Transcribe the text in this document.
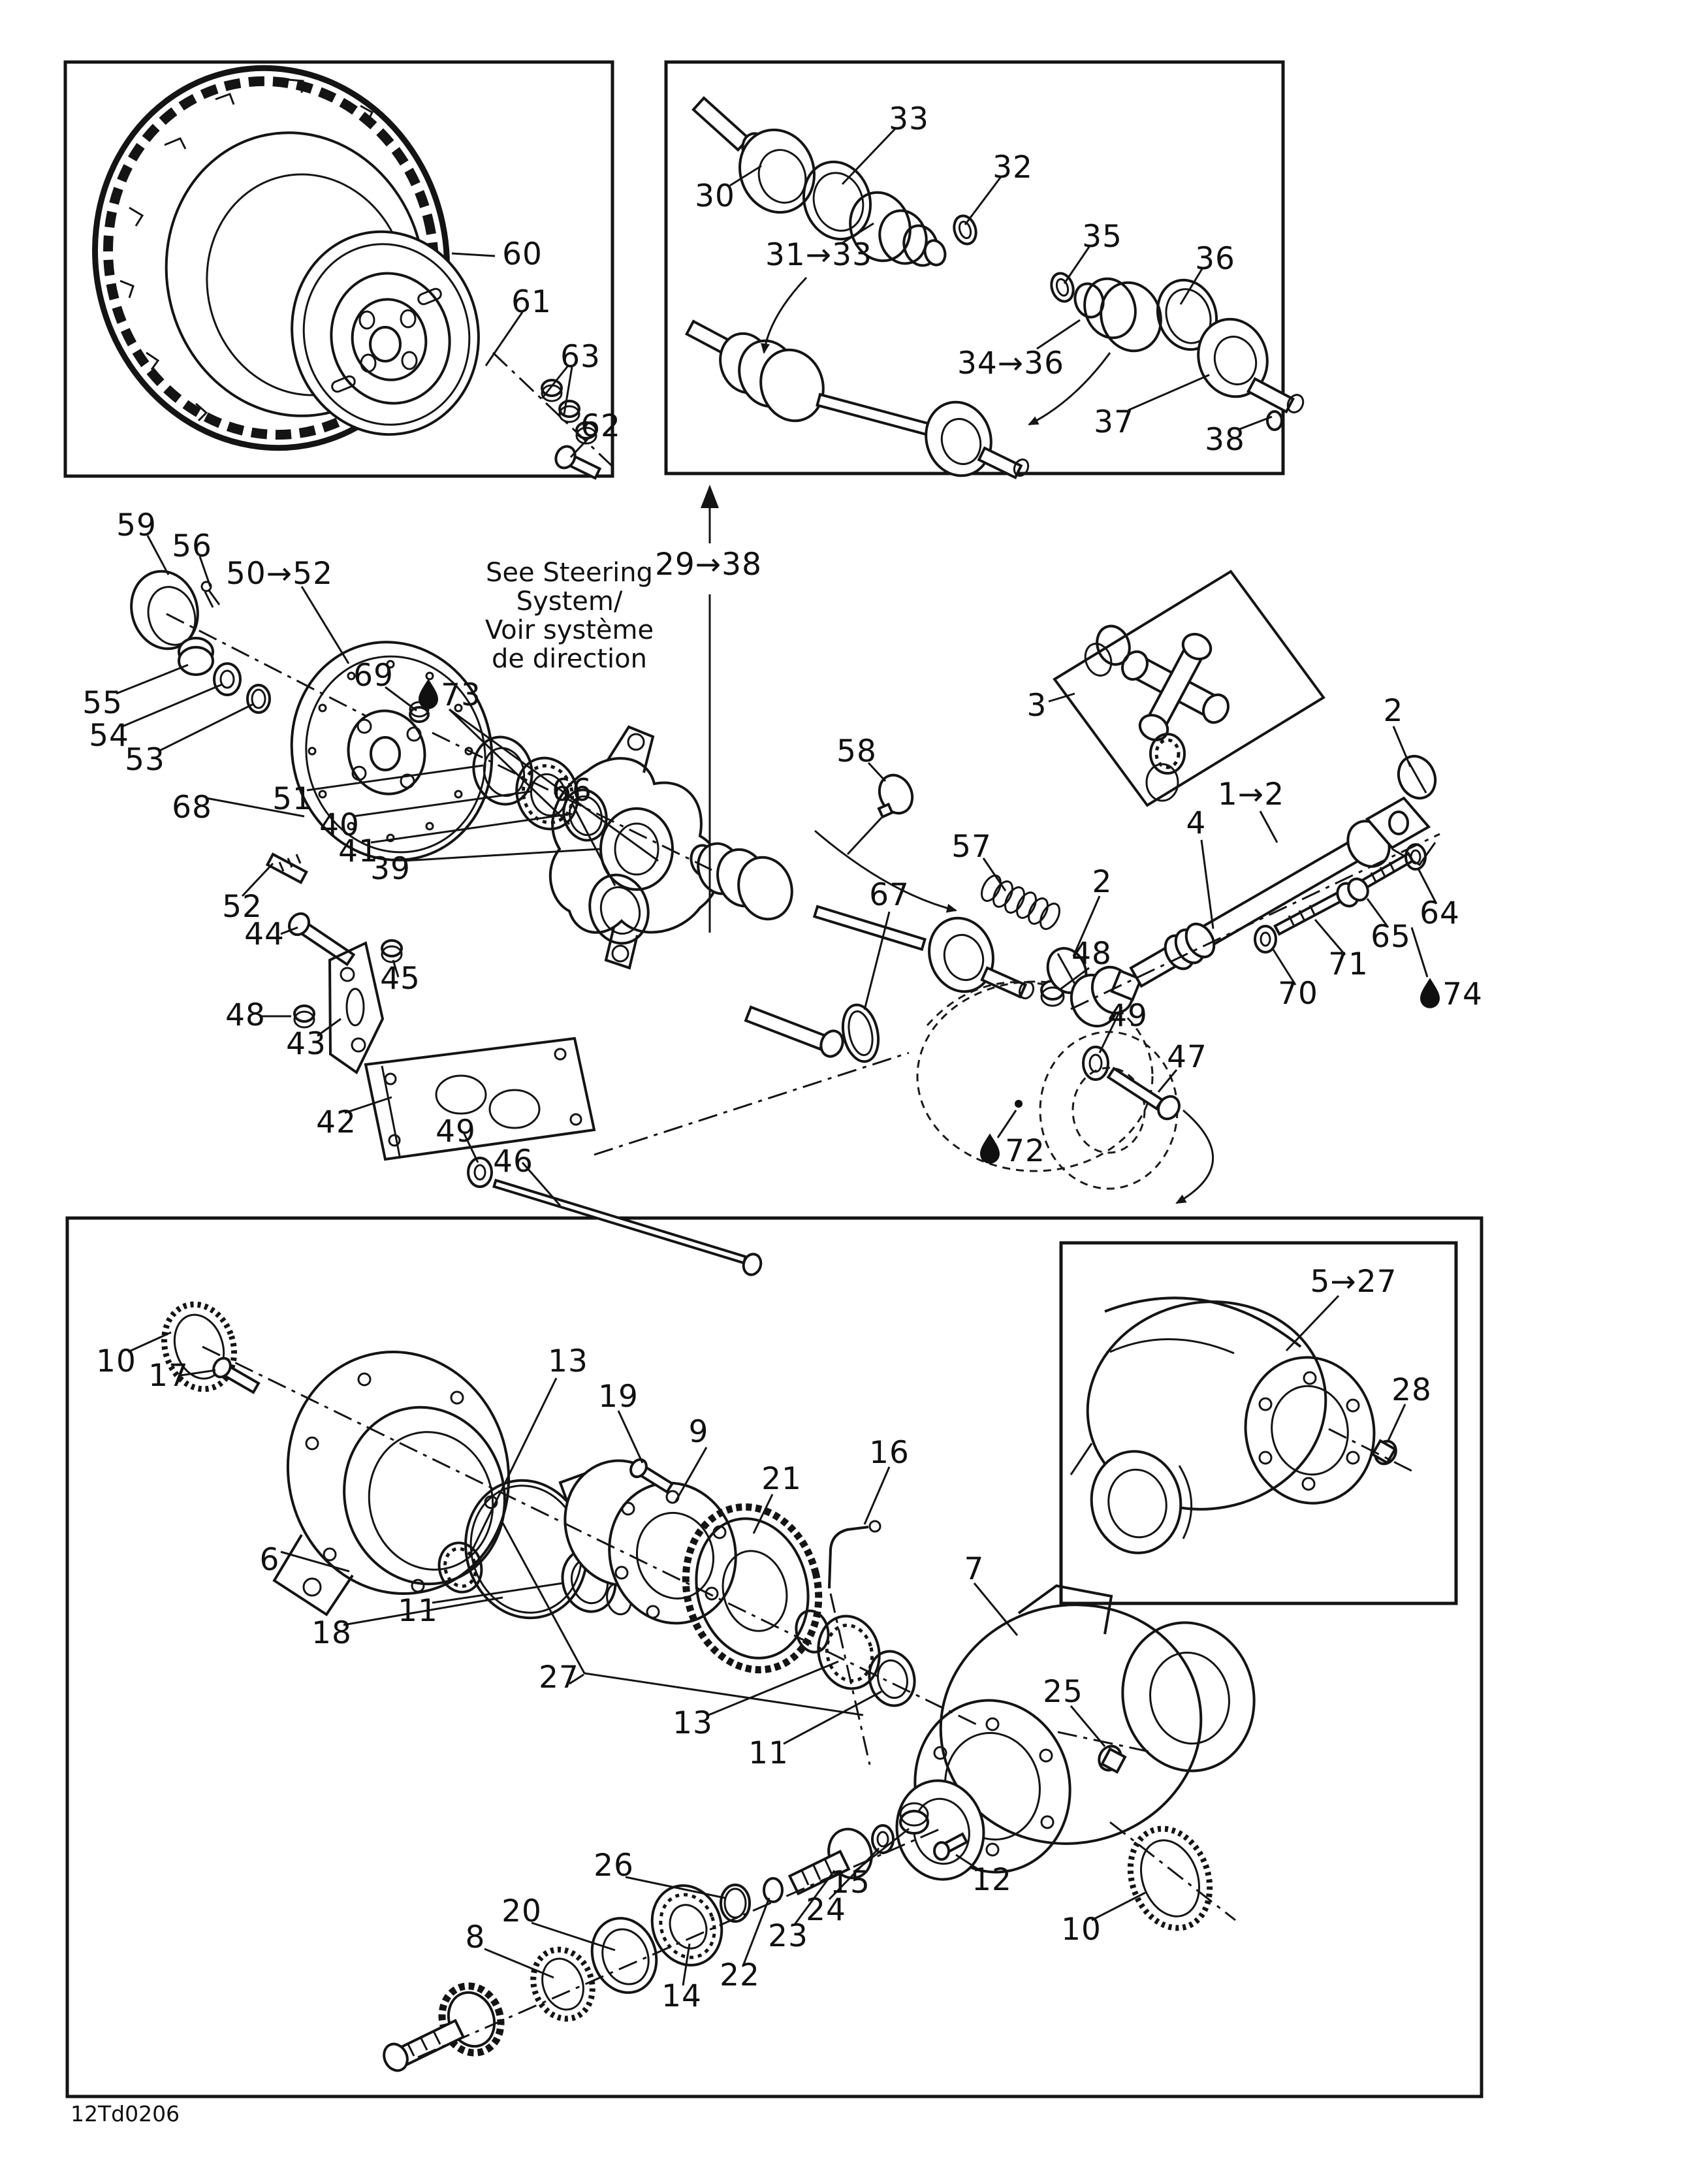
60
61
63
62
33
30
32
31→33
35
36
34→36
37 38
29→38
59
56
50→52
55
54
53
68
69
73
51
40
41
39
66
52
44
45
48
43
42	49
46
58
3
57
67	2
2
1→2
4
64
65
71
70	74
48
49
47
72
10 17
6
18
11
13
19
9
21
16
27
13
11
7
25
26
20
8
14
22
23
24
15	12
10
5→27
28
See Steering
System/
Voir système
de direction
12Td0206
